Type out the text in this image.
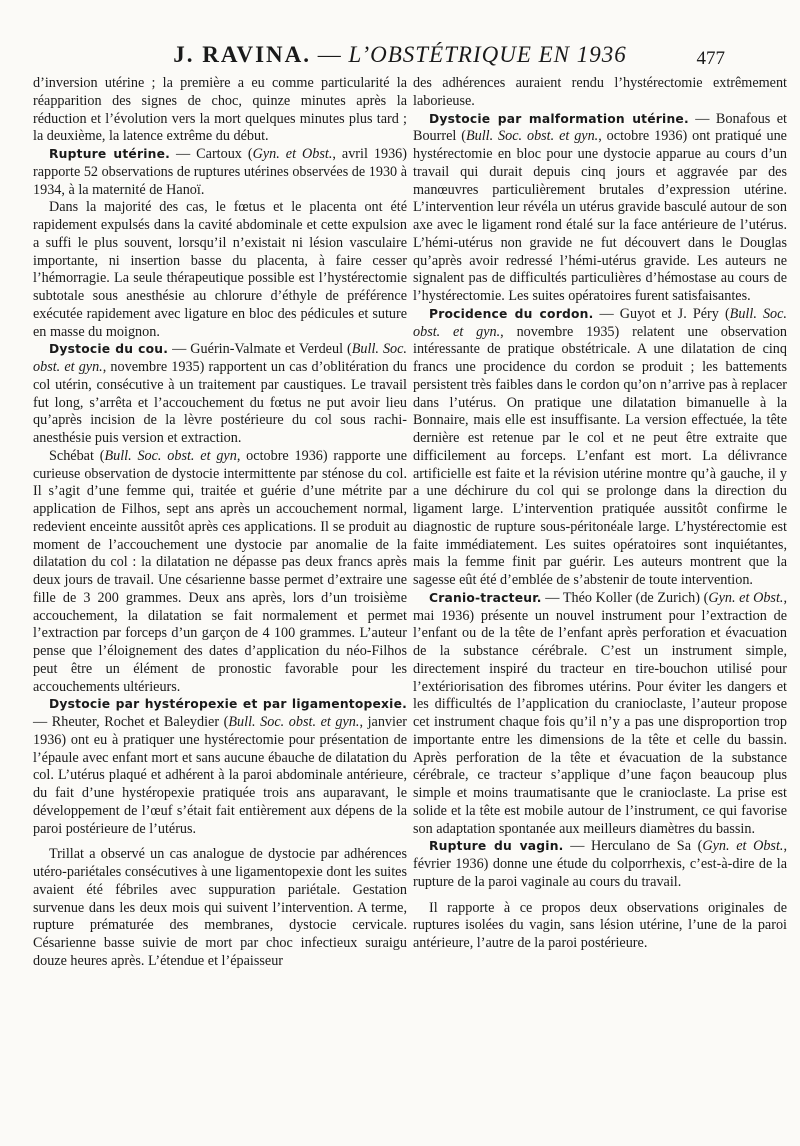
J. RAVINA. — L’OBSTÉTRIQUE EN 1936	477

d’inversion utérine ; la première a eu comme particularité la réapparition des signes de choc, quinze minutes après la réduction et l’évolution vers la mort quelques minutes plus tard ; la deuxième, la latence extrême du début.

Rupture utérine. — Cartoux (Gyn. et Obst., avril 1936) rapporte 52 observations de ruptures utérines observées de 1930 à 1934, à la maternité de Hanoï.

Dans la majorité des cas, le fœtus et le placenta ont été rapidement expulsés dans la cavité abdominale et cette expulsion a suffi le plus souvent, lorsqu’il n’existait ni lésion vasculaire importante, ni insertion basse du placenta, à faire cesser l’hémorragie. La seule thérapeutique possible est l’hystérectomie subtotale sous anesthésie au chlorure d’éthyle de préférence exécutée rapidement avec ligature en bloc des pédicules et suture en masse du moignon.

Dystocie du cou. — Guérin-Valmate et Verdeul (Bull. Soc. obst. et gyn., novembre 1935) rapportent un cas d’oblitération du col utérin, consécutive à un traitement par caustiques. Le travail fut long, s’arrêta et l’accouchement du fœtus ne put avoir lieu qu’après incision de la lèvre postérieure du col sous rachi-anesthésie puis version et extraction.

Schébat (Bull. Soc. obst. et gyn, octobre 1936) rapporte une curieuse observation de dystocie intermittente par sténose du col. Il s’agit d’une femme qui, traitée et guérie d’une métrite par application de Filhos, sept ans après un accouchement normal, redevient enceinte aussitôt après ces applications. Il se produit au moment de l’accouchement une dystocie par anomalie de la dilatation du col : la dilatation ne dépasse pas deux francs après deux jours de travail. Une césarienne basse permet d’extraire une fille de 3 200 grammes. Deux ans après, lors d’un troisième accouchement, la dilatation se fait normalement et permet l’extraction par forceps d’un garçon de 4 100 grammes. L’auteur pense que l’éloignement des dates d’application du néo-Filhos peut être un élément de pronostic favorable pour les accouchements ultérieurs.

Dystocie par hystéropexie et par ligamentopexie. — Rheuter, Rochet et Baleydier (Bull. Soc. obst. et gyn., janvier 1936) ont eu à pratiquer une hystérectomie pour présentation de l’épaule avec enfant mort et sans aucune ébauche de dilatation du col. L’utérus plaqué et adhérent à la paroi abdominale antérieure, du fait d’une hystéropexie pratiquée trois ans auparavant, le développement de l’œuf s’était fait entièrement aux dépens de la paroi postérieure de l’utérus.

Trillat a observé un cas analogue de dystocie par adhérences utéro-pariétales consécutives à une ligamentopexie dont les suites avaient été fébriles avec suppuration pariétale. Gestation survenue dans les deux mois qui suivent l’intervention. A terme, rupture prématurée des membranes, dystocie cervicale. Césarienne basse suivie de mort par choc infectieux suraigu douze heures après. L’étendue et l’épaisseur

des adhérences auraient rendu l’hystérectomie extrêmement laborieuse.

Dystocie par malformation utérine. — Bonafous et Bourrel (Bull. Soc. obst. et gyn., octobre 1936) ont pratiqué une hystérectomie en bloc pour une dystocie apparue au cours d’un travail qui durait depuis cinq jours et aggravée par des manœuvres particulièrement brutales d’expression utérine. L’intervention leur révéla un utérus gravide basculé autour de son axe avec le ligament rond étalé sur la face antérieure de l’utérus. L’hémi-utérus non gravide ne fut découvert dans le Douglas qu’après avoir redressé l’hémi-utérus gravide. Les auteurs ne signalent pas de difficultés particulières d’hémostase au cours de l’hystérectomie. Les suites opératoires furent satisfaisantes.

Procidence du cordon. — Guyot et J. Péry (Bull. Soc. obst. et gyn., novembre 1935) relatent une observation intéressante de pratique obstétricale. A une dilatation de cinq francs une procidence du cordon se produit ; les battements persistent très faibles dans le cordon qu’on n’arrive pas à replacer dans l’utérus. On pratique une dilatation bimanuelle à la Bonnaire, mais elle est insuffisante. La version effectuée, la tête dernière est retenue par le col et ne peut être extraite que difficilement au forceps. L’enfant est mort. La délivrance artificielle est faite et la révision utérine montre qu’à gauche, il y a une déchirure du col qui se prolonge dans la direction du ligament large. L’intervention pratiquée aussitôt confirme le diagnostic de rupture sous-péritonéale large. L’hystérectomie est faite immédiatement. Les suites opératoires sont inquiétantes, mais la femme finit par guérir. Les auteurs montrent que la sagesse eût été d’emblée de s’abstenir de toute intervention.

Cranio-tracteur. — Théo Koller (de Zurich) (Gyn. et Obst., mai 1936) présente un nouvel instrument pour l’extraction de l’enfant ou de la tête de l’enfant après perforation et évacuation de la substance cérébrale. C’est un instrument simple, directement inspiré du tracteur en tire-bouchon utilisé pour l’extériorisation des fibromes utérins. Pour éviter les dangers et les difficultés de l’application du cranioclaste, l’auteur propose cet instrument chaque fois qu’il n’y a pas une disproportion trop importante entre les dimensions de la tête et celle du bassin. Après perforation de la tête et évacuation de la substance cérébrale, ce tracteur s’applique d’une façon beaucoup plus simple et moins traumatisante que le cranioclaste. La prise est solide et la tête est mobile autour de l’instrument, ce qui favorise son adaptation spontanée aux meilleurs diamètres du bassin.

Rupture du vagin. — Herculano de Sa (Gyn. et Obst., février 1936) donne une étude du colporrhexis, c’est-à-dire de la rupture de la paroi vaginale au cours du travail.

Il rapporte à ce propos deux observations originales de ruptures isolées du vagin, sans lésion utérine, l’une de la paroi antérieure, l’autre de la paroi postérieure.
